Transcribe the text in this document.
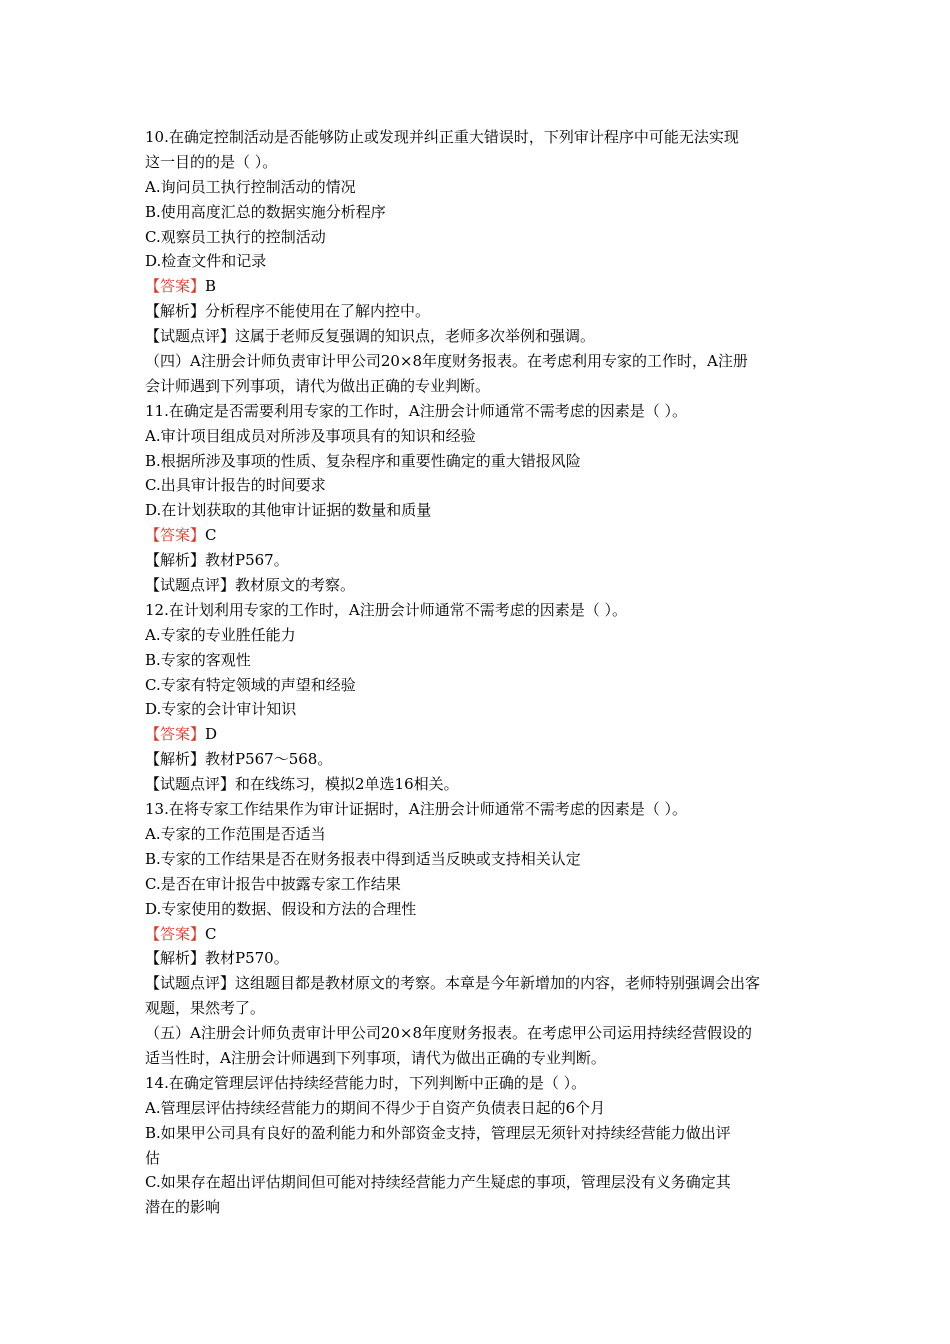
10.在确定控制活动是否能够防止或发现并纠正重大错误时，下列审计程序中可能无法实现
这一目的的是（ ）。
A.询问员工执行控制活动的情况
B.使用高度汇总的数据实施分析程序
C.观察员工执行的控制活动
D.检查文件和记录
【答案】B
【解析】分析程序不能使用在了解内控中。
【试题点评】这属于老师反复强调的知识点，老师多次举例和强调。
（四）A注册会计师负责审计甲公司20×8年度财务报表。在考虑利用专家的工作时，A注册
会计师遇到下列事项，请代为做出正确的专业判断。
11.在确定是否需要利用专家的工作时，A注册会计师通常不需考虑的因素是（ ）。
A.审计项目组成员对所涉及事项具有的知识和经验
B.根据所涉及事项的性质、复杂程序和重要性确定的重大错报风险
C.出具审计报告的时间要求
D.在计划获取的其他审计证据的数量和质量
【答案】C
【解析】教材P567。
【试题点评】教材原文的考察。
12.在计划利用专家的工作时，A注册会计师通常不需考虑的因素是（ ）。
A.专家的专业胜任能力
B.专家的客观性
C.专家有特定领域的声望和经验
D.专家的会计审计知识
【答案】D
【解析】教材P567～568。
【试题点评】和在线练习，模拟2单选16相关。
13.在将专家工作结果作为审计证据时，A注册会计师通常不需考虑的因素是（ ）。
A.专家的工作范围是否适当
B.专家的工作结果是否在财务报表中得到适当反映或支持相关认定
C.是否在审计报告中披露专家工作结果
D.专家使用的数据、假设和方法的合理性
【答案】C
【解析】教材P570。
【试题点评】这组题目都是教材原文的考察。本章是今年新增加的内容，老师特别强调会出客
观题，果然考了。
（五）A注册会计师负责审计甲公司20×8年度财务报表。在考虑甲公司运用持续经营假设的
适当性时，A注册会计师遇到下列事项，请代为做出正确的专业判断。
14.在确定管理层评估持续经营能力时，下列判断中正确的是（ ）。
A.管理层评估持续经营能力的期间不得少于自资产负债表日起的6个月
B.如果甲公司具有良好的盈利能力和外部资金支持，管理层无须针对持续经营能力做出评
估
C.如果存在超出评估期间但可能对持续经营能力产生疑虑的事项，管理层没有义务确定其
潜在的影响
